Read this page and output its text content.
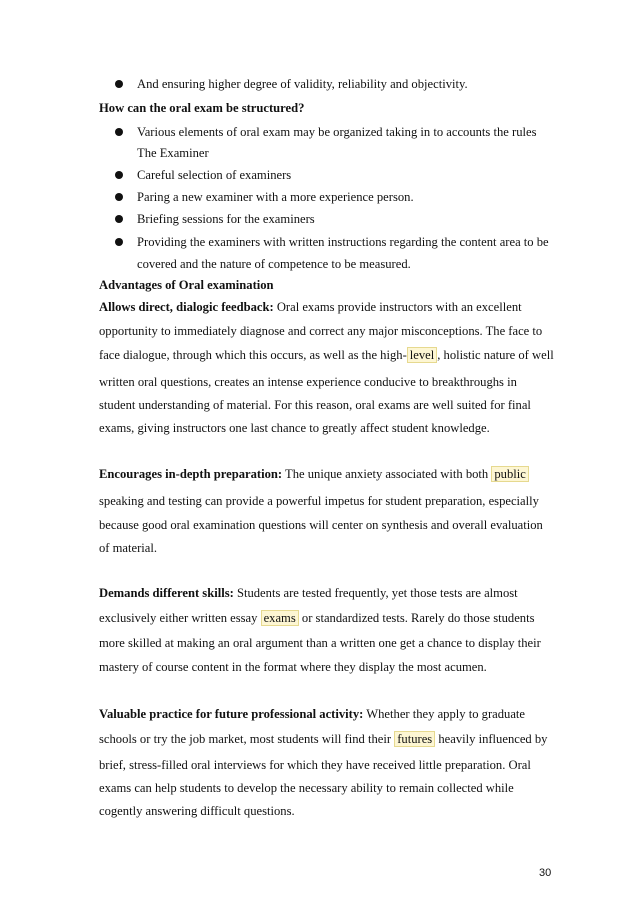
And ensuring higher degree of validity, reliability and objectivity.
How can the oral exam be structured?
Various elements of oral exam may be organized taking in to accounts the rules
The Examiner
Careful selection of examiners
Paring a new examiner with a more experience person.
Briefing sessions for the examiners
Providing the examiners with written instructions regarding the content area to be
covered and the nature of competence to be measured.
Advantages of Oral examination
Allows direct, dialogic feedback: Oral exams provide instructors with an excellent
opportunity to immediately diagnose and correct any major misconceptions. The face to
face dialogue, through which this occurs, as well as the high- level , holistic nature of well
written oral questions, creates an intense experience conducive to breakthroughs in
student understanding of material. For this reason, oral exams are well suited for final
exams, giving instructors one last chance to greatly affect student knowledge.
Encourages in-depth preparation: The unique anxiety associated with both public
speaking and testing can provide a powerful impetus for student preparation, especially
because good oral examination questions will center on synthesis and overall evaluation
of material.
Demands different skills: Students are tested frequently, yet those tests are almost
exclusively either written essay exams or standardized tests. Rarely do those students
more skilled at making an oral argument than a written one get a chance to display their
mastery of course content in the format where they display the most acumen.
Valuable practice for future professional activity: Whether they apply to graduate
schools or try the job market, most students will find their futures heavily influenced by
brief, stress-filled oral interviews for which they have received little preparation. Oral
exams can help students to develop the necessary ability to remain collected while
cogently answering difficult questions.
30
